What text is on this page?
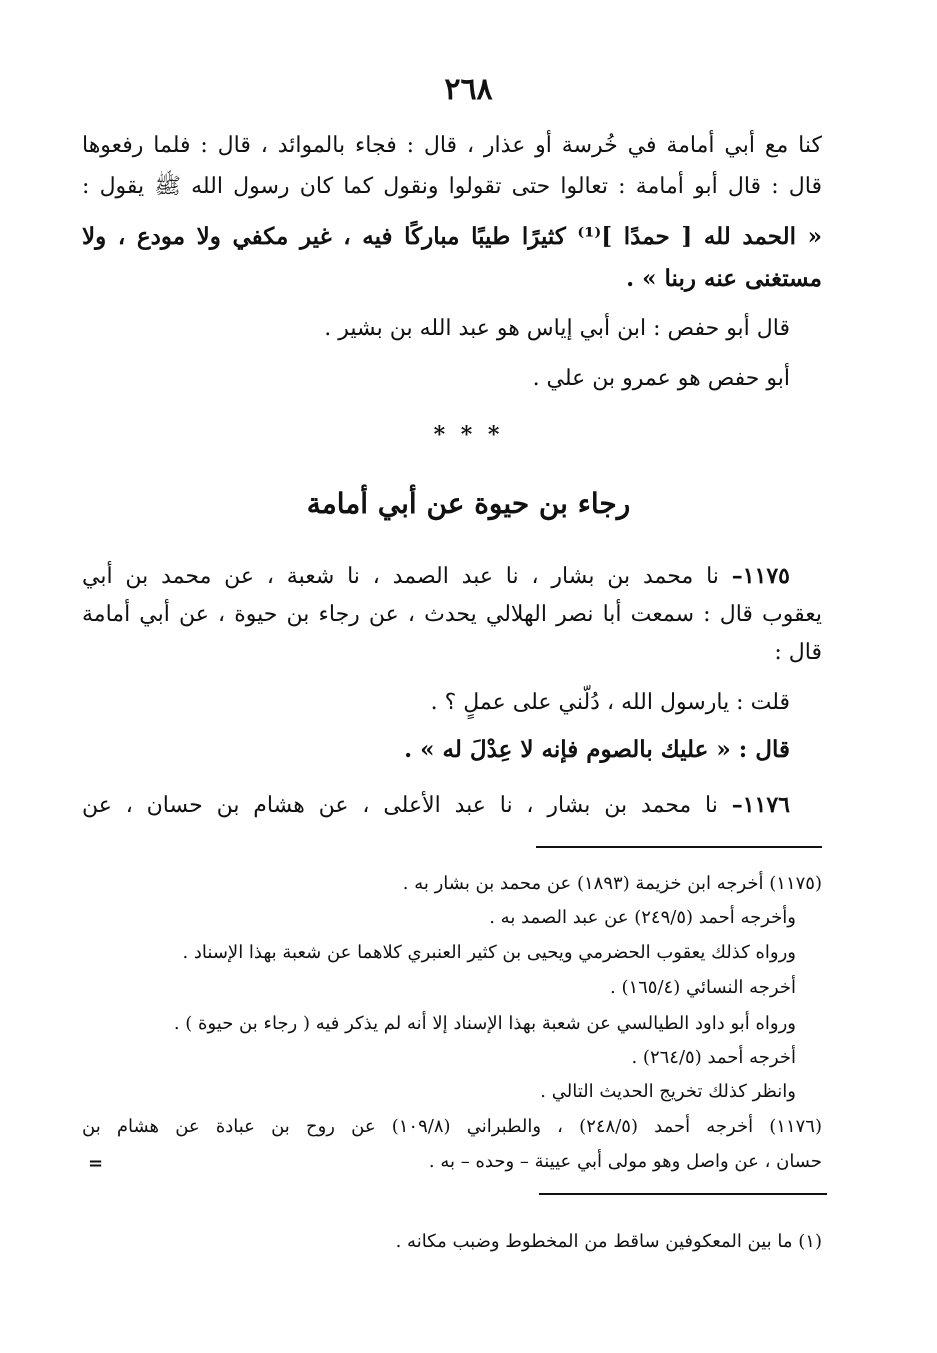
٢٦٨
كنا مع أبي أمامة في خُرسة أو عذار ، قال : فجاء بالموائد ، قال : فلما رفعوها
قال : قال أبو أمامة : تعالوا حتى تقولوا ونقول كما كان رسول الله ﷺ يقول :
« الحمد لله [ حمدًا ]⁽¹⁾ كثيرًا طيبًا مباركًا فيه ، غير مكفي ولا مودع ، ولا
مستغنى عنه ربنا » .
قال أبو حفص : ابن أبي إياس هو عبد الله بن بشير .
أبو حفص هو عمرو بن علي .
* * *
رجاء بن حيوة عن أبي أمامة
١١٧٥– نا محمد بن بشار ، نا عبد الصمد ، نا شعبة ، عن محمد بن أبي
يعقوب قال : سمعت أبا نصر الهلالي يحدث ، عن رجاء بن حيوة ، عن أبي أمامة
قال :
قلت : يارسول الله ، دُلّني على عملٍ ؟ .
قال : « عليك بالصوم فإنه لا عِدْلَ له » .
١١٧٦– نا محمد بن بشار ، نا عبد الأعلى ، عن هشام بن حسان ، عن
(١١٧٥) أخرجه ابن خزيمة (١٨٩٣) عن محمد بن بشار به .
وأخرجه أحمد (٢٤٩/٥) عن عبد الصمد به .
ورواه كذلك يعقوب الحضرمي ويحيى بن كثير العنبري كلاهما عن شعبة بهذا الإسناد .
أخرجه النسائي (١٦٥/٤) .
ورواه أبو داود الطيالسي عن شعبة بهذا الإسناد إلا أنه لم يذكر فيه ( رجاء بن حيوة ) .
أخرجه أحمد (٢٦٤/٥) .
وانظر كذلك تخريج الحديث التالي .
(١١٧٦) أخرجه أحمد (٢٤٨/٥) ، والطبراني (١٠٩/٨) عن روح بن عبادة عن هشام بن
حسان ، عن واصل وهو مولى أبي عيينة – وحده – به .
=
(١) ما بين المعكوفين ساقط من المخطوط وضبب مكانه .
